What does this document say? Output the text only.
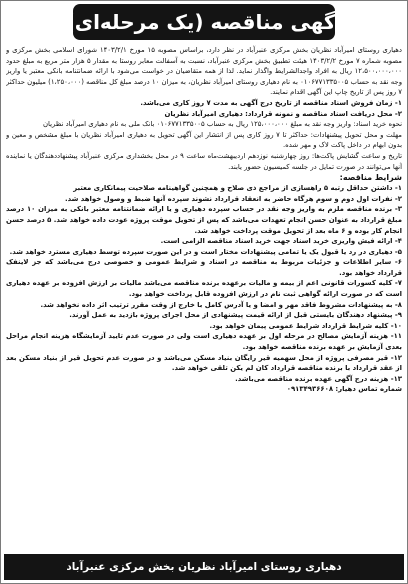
آگهی مناقصه (یک مرحله‌ای)

دهیاری روستای امیرآباد نظریان بخش مرکزی عنبرآباد در نظر دارد، براساس مصوبه ۱۵ مورخ ۱۴۰۳/۲/۱ شورای اسلامی بخش مرکزی و مصوبه شماره ۷ مورخ ۱۴۰۳/۲/۲ هیئت تطبیق بخش مرکزی عنبرآباد، نسبت به آسفالت معابر روستا به مقدار ۵ هزار متر مربع به مبلغ حدود ۱۲،۵۰۰،۰۰۰،۰۰۰ ریال به افراد واجدالشرایط واگذار نماید. لذا از همه متقاضیان در خواست می‌شود با ارائه ضمانتنامه بانکی معتبر یا واریز وجه نقد به حساب ۰۱۰۶۷۷۱۳۳۵۰۰۵ به نام دهیاری روستای امیرآباد نظریان، به میزان ۱۰ درصد مبلغ کل مناقصه (۱،۲۵۰،۰۰۰) میلیون حداکثر ۷ روز پس از تاریخ چاپ این آگهی اقدام نمایند.

۱- زمان فروش اسناد مناقصه از تاریخ درج آگهی به مدت ۷ روز کاری می‌باشد.

۲- محل دریافت اسناد مناقصه و نمونه قرارداد: دهیاری امیرآباد نظریان

نحوه خرید اسناد: واریز وجه نقد به مبلغ ۱۲۵،۰۰۰،۰۰۰ ریال به حساب ۰۱۰۶۷۷۱۳۳۵۰۰۵ بانک ملی به نام دهیاری امیرآباد نظریان

مهلت و محل تحویل پیشنهادات: حداکثر تا ۷ روز کاری پس از انتشار این آگهی تحویل به دهیاری امیرآباد نظریان با مبلغ مشخص و معین و بدون ابهام در داخل پاکت لاک و مهر شده.

تاریخ و ساعت گشایش پاکت‌ها: روز چهارشنبه نوزدهم اردیبهشت‌ماه ساعت ۹ در محل بخشداری مرکزی عنبرآباد پیشنهاددهندگان یا نماینده آنها می‌توانند در صورت تمایل در جلسه کمیسیون حضور یابند.

شرایط مناقصه:

۱- داشتن حداقل رتبه ۵ راهسازی از مراجع ذی صلاح و همچنین گواهینامه صلاحیت پیمانکاری معتبر
۲- نفرات اول دوم و سوم هرگاه حاضر به انعقاد قرارداد نشوند سپرده آنها ضبط و وصول خواهد شد.
۳- برنده مناقصه ملزم به واریز وجه نقد در حساب سپرده دهیاری و یا ارائه ضمانتنامه معتبر بانکی به میزان ۱۰ درصد مبلغ قرارداد به عنوان حسن انجام تعهدات می‌باشد که پس از تحویل موقت پروژه عودت داده خواهد شد. ۵ درصد حسن انجام کار بوده و ۶ ماه بعد از تحویل موقت پرداخت خواهد شد.
۴- ارائه فیش واریزی خرید اسناد جهت خرید اسناد مناقصه الزامی است.
۵- دهیاری در رد یا قبول یک یا تمامی پیشنهادات مختار است و در این صورت سپرده توسط دهیاری مسترد خواهد شد.
۶- سایر اطلاعات و جزئیات مربوط به مناقصه در اسناد و شرایط عمومی و خصوصی درج می‌باشد که جز لاینفک قرارداد خواهد بود.
۷- کلیه کسورات قانونی اعم از بیمه و مالیات برعهده برنده مناقصه می‌باشد مالیات بر ارزش افزوده بر عهده دهیاری است که در صورت ارائه گواهی ثبت نام در ارزش افزوده قابل پرداخت خواهد بود.
۸- به پیشنهادات مشروط فاقد مهر و امضا و یا آدرس کامل با خارج از وقت مقرر ترتیب اثر داده نخواهد شد.
۹- پیشنهاد دهندگان بایستی قبل از ارائه قیمت پیشنهادی از محل اجرای پروژه بازدید به عمل آورند.
۱۰- کلیه شرایط قرارداد شرایط عمومی پیمان خواهد بود.
۱۱- هزینه آزمایش مصالح در مرحله اول بر عهده دهیاری است ولی در صورت عدم تایید آزمایشگاه هزینه انجام مراحل بعدی آزمایش بر عهده برنده مناقصه خواهد بود.
۱۲- قیر مصرفی پروژه از محل سهمیه قیر رایگان بنیاد مسکن می‌باشد و در صورت عدم تحویل قیر از بنیاد مسکن بعد از عقد قرارداد با برنده مناقصه قرارداد کان لم یکن تلقی خواهد شد.
۱۳- هزینه درج آگهی عهده برنده مناقصه می‌باشد.
شماره تماس دهیار: ۰۹۱۳۴۹۳۶۶۰۸
دهیاری روستای امیرآباد نظریان بخش مرکزی عنبرآباد
